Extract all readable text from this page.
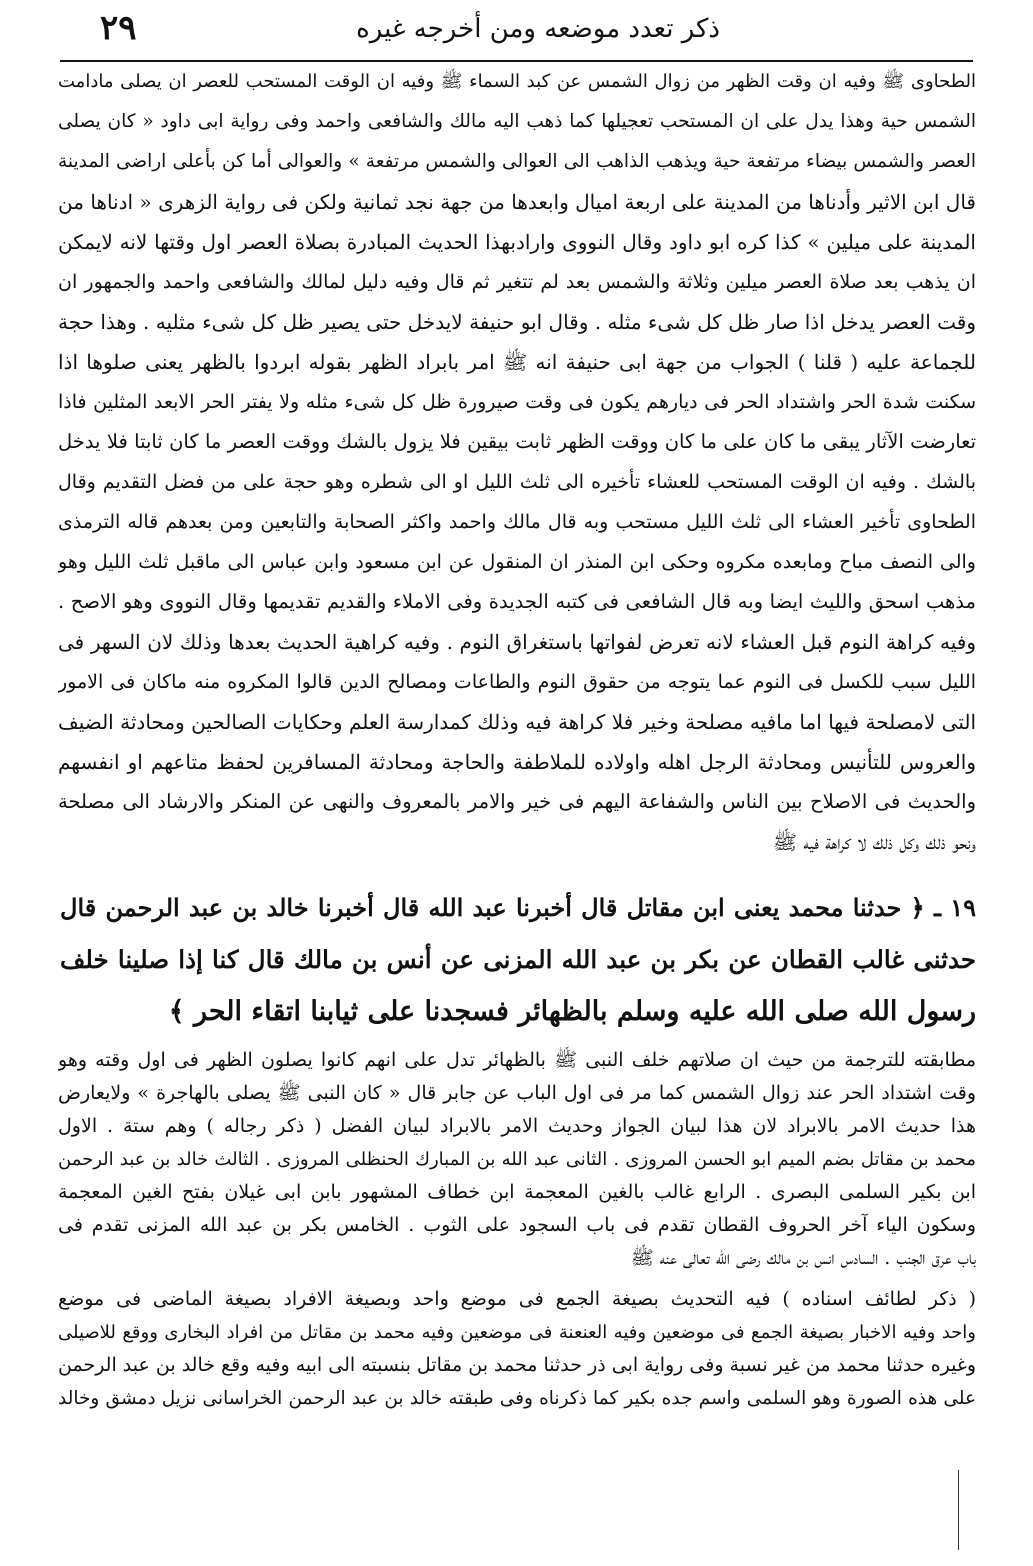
٢٩	ذکر تعدد موضعه ومن أخرجه غیره

الطحاوی ﷺ وفيه ان وقت الظهر من زوال الشمس عن كبد السماء ﷺ وفيه ان الوقت المستحب للعصر ان يصلى مادامت

الشمس حية وهذا يدل على ان المستحب تعجيلها كما ذهب اليه مالك والشافعى واحمد وفى رواية ابى داود « كان يصلى

العصر والشمس بيضاء مرتفعة حية ويذهب الذاهب الى العوالى والشمس مرتفعة » والعوالى أما كن بأعلى اراضى المدينة

قال ابن الاثير وأدناها من المدينة على اربعة اميال وابعدها من جهة نجد ثمانية ولكن فى رواية الزهرى « ادناها من

المدينة على ميلين » كذا كره ابو داود وقال النووى وارادبهذا الحديث المبادرة بصلاة العصر اول وقتها لانه لايمكن

ان يذهب بعد صلاة العصر ميلين وثلاثة والشمس بعد لم تتغير ثم قال وفيه دليل لمالك والشافعى واحمد والجمهور ان

وقت العصر يدخل اذا صار ظل كل شىء مثله . وقال ابو حنيفة لايدخل حتى يصير ظل كل شىء مثليه . وهذا حجة

للجماعة عليه ( قلنا ) الجواب من جهة ابى حنيفة انه ﷺ امر بابراد الظهر بقوله ابردوا بالظهر يعنى صلوها اذا

سكنت شدة الحر واشتداد الحر فى ديارهم يكون فى وقت صيرورة ظل كل شىء مثله ولا يفتر الحر الابعد المثلين فاذا

تعارضت الآثار يبقى ما كان على ما كان ووقت الظهر ثابت بيقين فلا يزول بالشك ووقت العصر ما كان ثابتا فلا يدخل

بالشك . وفيه ان الوقت المستحب للعشاء تأخيره الى ثلث الليل او الى شطره وهو حجة على من فضل التقديم وقال

الطحاوى تأخير العشاء الى ثلث الليل مستحب وبه قال مالك واحمد واكثر الصحابة والتابعين ومن بعدهم قاله الترمذى

والى النصف مباح ومابعده مكروه وحكى ابن المنذر ان المنقول عن ابن مسعود وابن عباس الى ماقبل ثلث الليل وهو

مذهب اسحق والليث ايضا وبه قال الشافعى فى كتبه الجديدة وفى الاملاء والقديم تقديمها وقال النووى وهو الاصح .

وفيه كراهة النوم قبل العشاء لانه تعرض لفواتها باستغراق النوم . وفيه كراهية الحديث بعدها وذلك لان السهر فى

الليل سبب للكسل فى النوم عما يتوجه من حقوق النوم والطاعات ومصالح الدين قالوا المكروه منه ماكان فى الامور

التى لامصلحة فيها اما مافيه مصلحة وخير فلا كراهة فيه وذلك كمدارسة العلم وحكايات الصالحين ومحادثة الضيف

والعروس للتأنيس ومحادثة الرجل اهله واولاده للملاطفة والحاجة ومحادثة المسافرين لحفظ متاعهم او انفسهم

والحديث فى الاصلاح بين الناس والشفاعة اليهم فى خير والامر بالمعروف والنهى عن المنكر والارشاد الى مصلحة

ونحو ذلك وكل ذلك لا كراهة فيه ﷺ

١٩ ـ ﴿ حدثنا محمد يعنى ابن مقاتل قال أخبرنا عبد الله قال أخبرنا خالد بن عبد الرحمن قال

حدثنى غالب القطان عن بكر بن عبد الله المزنى عن أنس بن مالك قال كنا إذا صلينا خلف

رسول الله صلى الله عليه وسلم بالظهائر فسجدنا على ثيابنا اتقاء الحر ﴾

مطابقته للترجمة من حيث ان صلاتهم خلف النبى ﷺ بالظهائر تدل على انهم كانوا يصلون الظهر فى اول وقته وهو

وقت اشتداد الحر عند زوال الشمس كما مر فى اول الباب عن جابر قال « كان النبى ﷺ يصلى بالهاجرة » ولايعارض

هذا حديث الامر بالابراد لان هذا لبيان الجواز وحديث الامر بالابراد لبيان الفضل ( ذكر رجاله ) وهم ستة . الاول

محمد بن مقاتل بضم الميم ابو الحسن المروزى . الثانى عبد الله بن المبارك الحنظلى المروزى . الثالث خالد بن عبد الرحمن

ابن بكير السلمى البصرى . الرابع غالب بالغين المعجمة ابن خطاف المشهور بابن ابى غيلان بفتح الغين المعجمة

وسكون الياء آخر الحروف القطان تقدم فى باب السجود على الثوب . الخامس بكر بن عبد الله المزنى تقدم فى

باب عرق الجنب . السادس انس بن مالك رضى الله تعالى عنه ﷺ

( ذكر لطائف اسناده ) فيه التحديث بصيغة الجمع فى موضع واحد وبصيغة الافراد بصيغة الماضى فى موضع

واحد وفيه الاخبار بصيغة الجمع فى موضعين وفيه العنعنة فى موضعين وفيه محمد بن مقاتل من افراد البخارى ووقع للاصيلى

وغيره حدثنا محمد من غير نسبة وفى رواية ابى ذر حدثنا محمد بن مقاتل بنسبته الى ابيه وفيه وقع خالد بن عبد الرحمن

على هذه الصورة وهو السلمى واسم جده بكير كما ذكرناه وفى طبقته خالد بن عبد الرحمن الخراسانى نزيل دمشق وخالد
